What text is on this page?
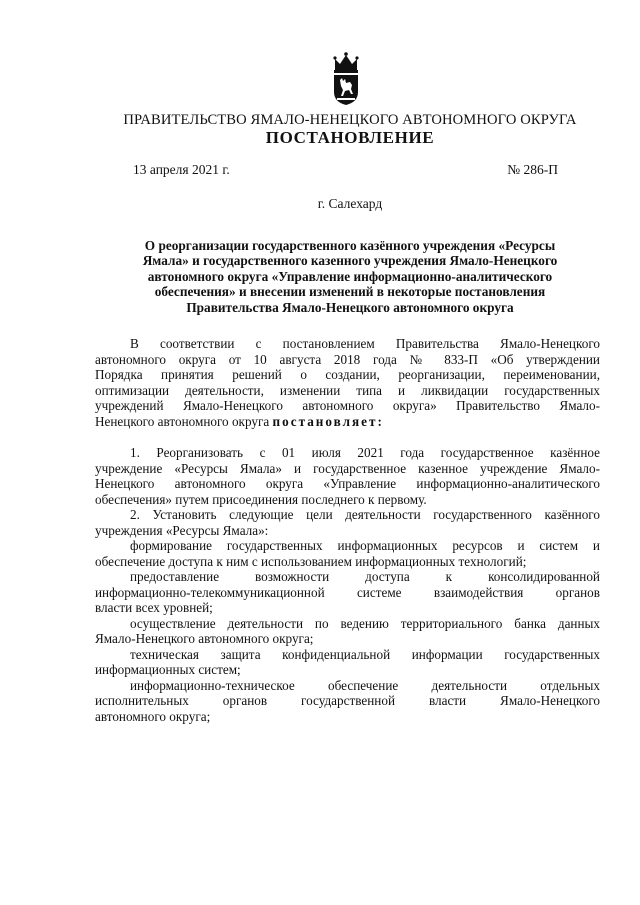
ПРАВИТЕЛЬСТВО ЯМАЛО-НЕНЕЦКОГО АВТОНОМНОГО ОКРУГА
ПОСТАНОВЛЕНИЕ
13 апреля 2021 г.	№ 286-П
г. Салехард
О реорганизации государственного казённого учреждения «Ресурсы
Ямала» и государственного казенного учреждения Ямало-Ненецкого
автономного округа «Управление информационно-аналитического
обеспечения» и внесении изменений в некоторые постановления
Правительства Ямало-Ненецкого автономного округа
В соответствии с постановлением Правительства Ямало-Ненецкого
автономного округа от 10 августа 2018 года № 833-П «Об утверждении
Порядка принятия решений о создании, реорганизации, переименовании,
оптимизации деятельности, изменении типа и ликвидации государственных
учреждений Ямало-Ненецкого автономного округа» Правительство Ямало-
Ненецкого автономного округа постановляет:
1. Реорганизовать с 01 июля 2021 года государственное казённое
учреждение «Ресурсы Ямала» и государственное казенное учреждение Ямало-
Ненецкого автономного округа «Управление информационно-аналитического
обеспечения» путем присоединения последнего к первому.
2. Установить следующие цели деятельности государственного казённого
учреждения «Ресурсы Ямала»:
формирование государственных информационных ресурсов и систем и
обеспечение доступа к ним с использованием информационных технологий;
предоставление возможности доступа к консолидированной
информационно-телекоммуникационной системе взаимодействия органов
власти всех уровней;
осуществление деятельности по ведению территориального банка данных
Ямало-Ненецкого автономного округа;
техническая защита конфиденциальной информации государственных
информационных систем;
информационно-техническое обеспечение деятельности отдельных
исполнительных органов государственной власти Ямало-Ненецкого
автономного округа;
